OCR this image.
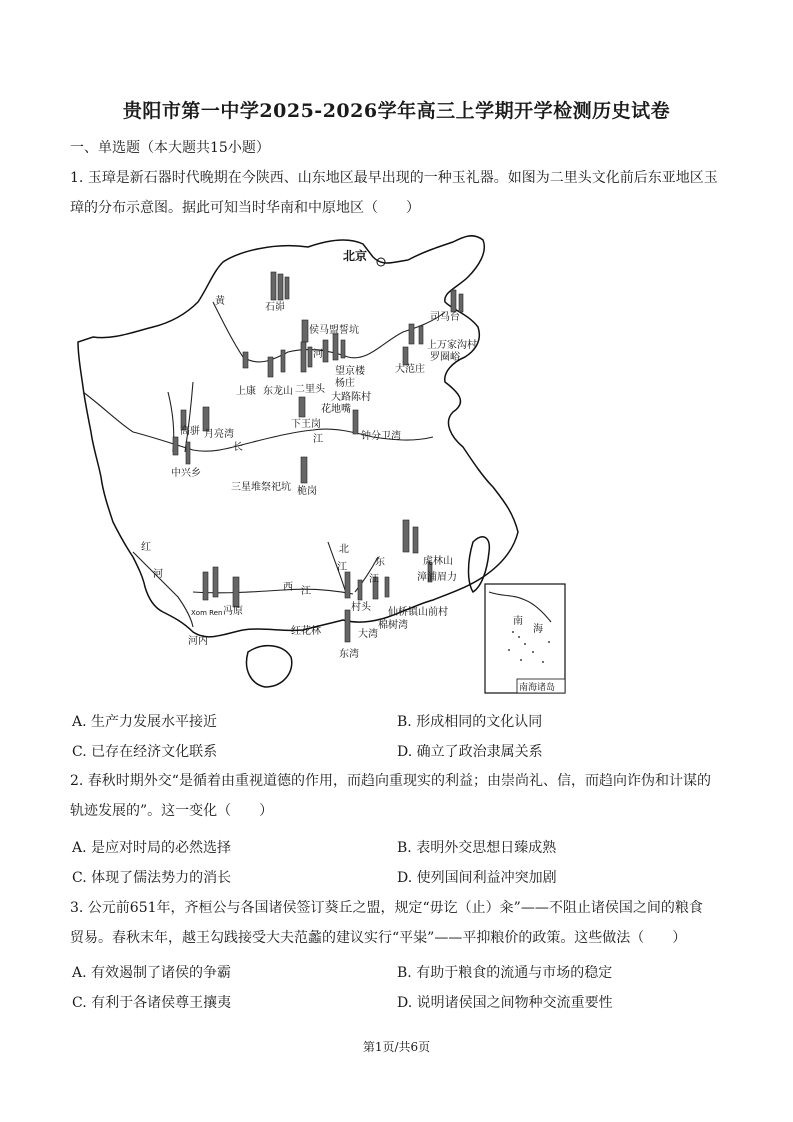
贵阳市第一中学2025-2026学年高三上学期开学检测历史试卷
一、单选题（本大题共15小题）
1. 玉璋是新石器时代晚期在今陕西、山东地区最早出现的一种玉礼器。如图为二里头文化前后东亚地区玉
璋的分布示意图。据此可知当时华南和中原地区（　　）
北京
石峁
侯马盟誓坑
上康 东龙山 二里头
望京楼
杨庄
大路陈村
花地嘴
下王岗
司马台
上万家沟村
罗圈峪
大范庄
高骈 月亮湾
中兴乡
三星堆祭祀坑
钟分卫湾
桅岗
Xom Ren 冯原
河内
红花林
村头
大湾
仙桥镇山前村
棉树湾
东湾
虎林山
漳浦眉力
黄
河
长
江
红
河
西 江
北
江	东
江
南
海
南海诸岛
A. 生产力发展水平接近	B. 形成相同的文化认同
C. 已存在经济文化联系	D. 确立了政治隶属关系
2. 春秋时期外交“是循着由重视道德的作用，而趋向重现实的利益；由崇尚礼、信，而趋向诈伪和计谋的
轨迹发展的”。这一变化（　　）
A. 是应对时局的必然选择	B. 表明外交思想日臻成熟
C. 体现了儒法势力的消长	D. 使列国间利益冲突加剧
3. 公元前651年，齐桓公与各国诸侯签订葵丘之盟，规定“毋讫（止）籴”——不阻止诸侯国之间的粮食
贸易。春秋末年，越王勾践接受大夫范蠡的建议实行“平粜”——平抑粮价的政策。这些做法（　　）
A. 有效遏制了诸侯的争霸	B. 有助于粮食的流通与市场的稳定
C. 有利于各诸侯尊王攘夷	D. 说明诸侯国之间物种交流重要性
第1页/共6页
